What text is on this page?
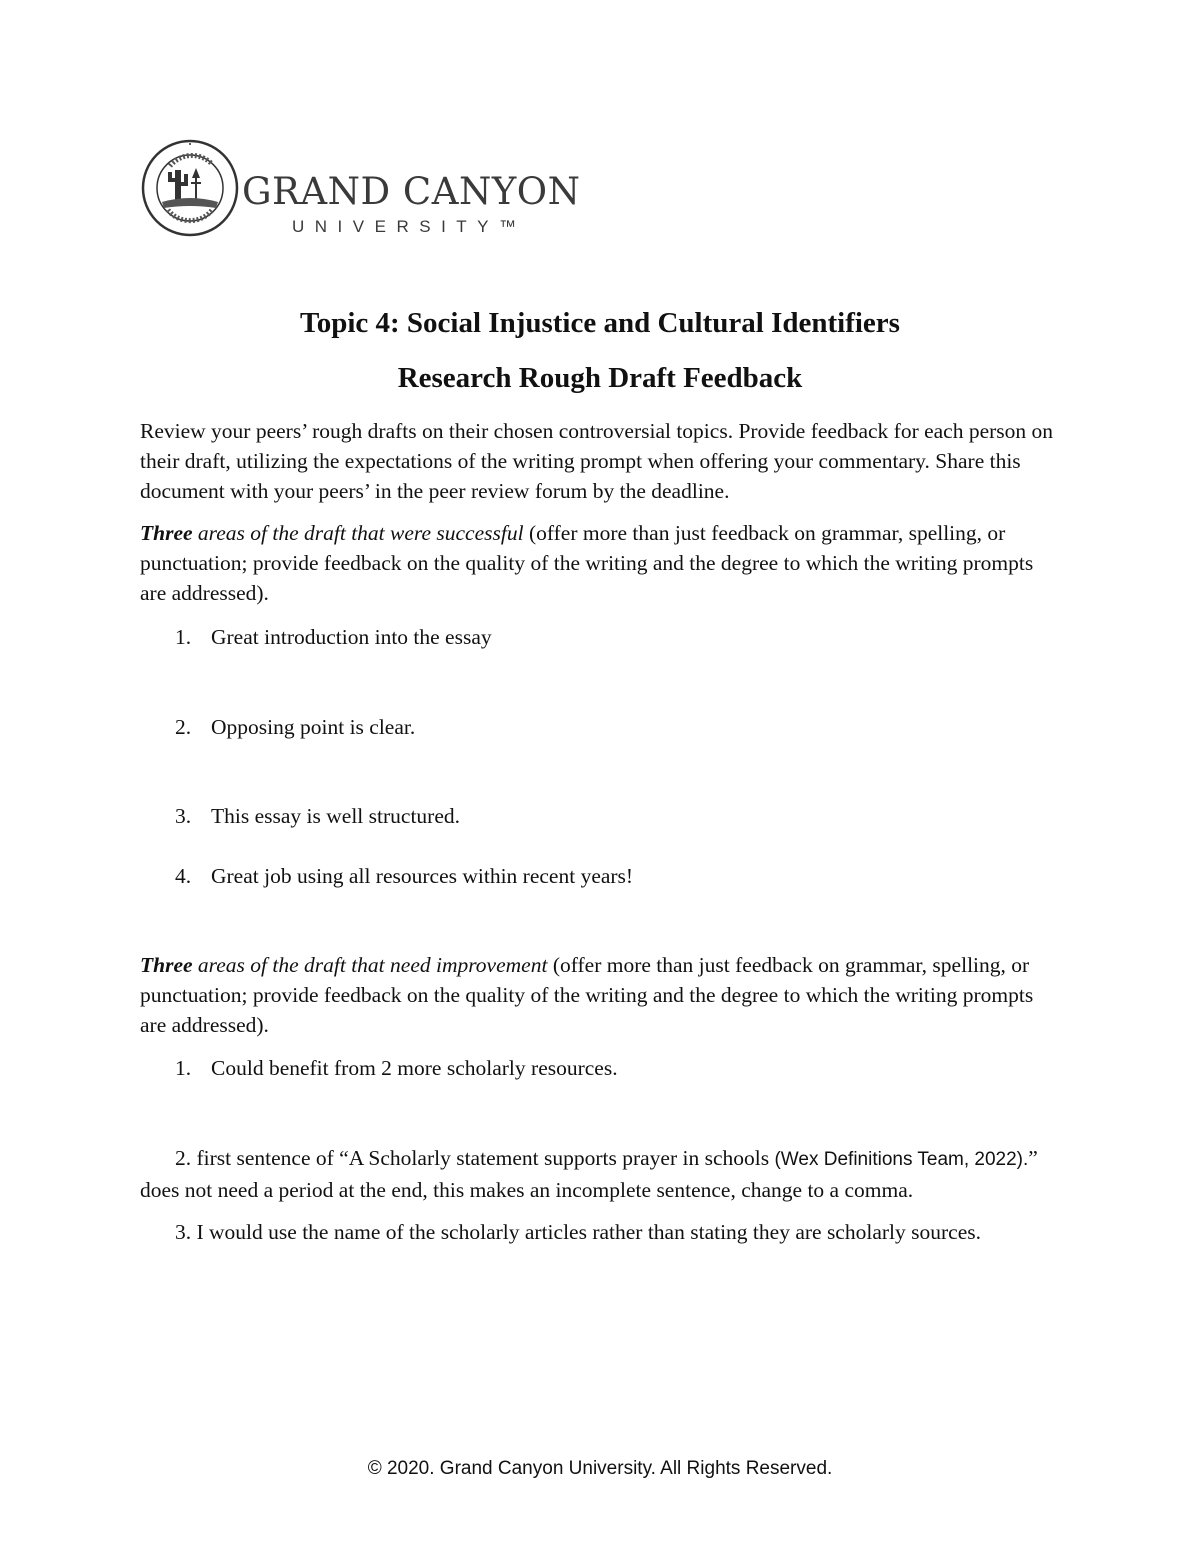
GRAND CANYON
UNIVERSITY™
Topic 4: Social Injustice and Cultural Identifiers
Research Rough Draft Feedback
Review your peers’ rough drafts on their chosen controversial topics. Provide feedback for each person on their draft, utilizing the expectations of the writing prompt when offering your commentary. Share this document with your peers’ in the peer review forum by the deadline.
Three areas of the draft that were successful (offer more than just feedback on grammar, spelling, or punctuation; provide feedback on the quality of the writing and the degree to which the writing prompts are addressed).
1. Great introduction into the essay
2. Opposing point is clear.
3. This essay is well structured.
4. Great job using all resources within recent years!
Three areas of the draft that need improvement (offer more than just feedback on grammar, spelling, or punctuation; provide feedback on the quality of the writing and the degree to which the writing prompts are addressed).
1. Could benefit from 2 more scholarly resources.
2. first sentence of “A Scholarly statement supports prayer in schools (Wex Definitions Team, 2022).” does not need a period at the end, this makes an incomplete sentence, change to a comma.
3. I would use the name of the scholarly articles rather than stating they are scholarly sources.
© 2020. Grand Canyon University. All Rights Reserved.
